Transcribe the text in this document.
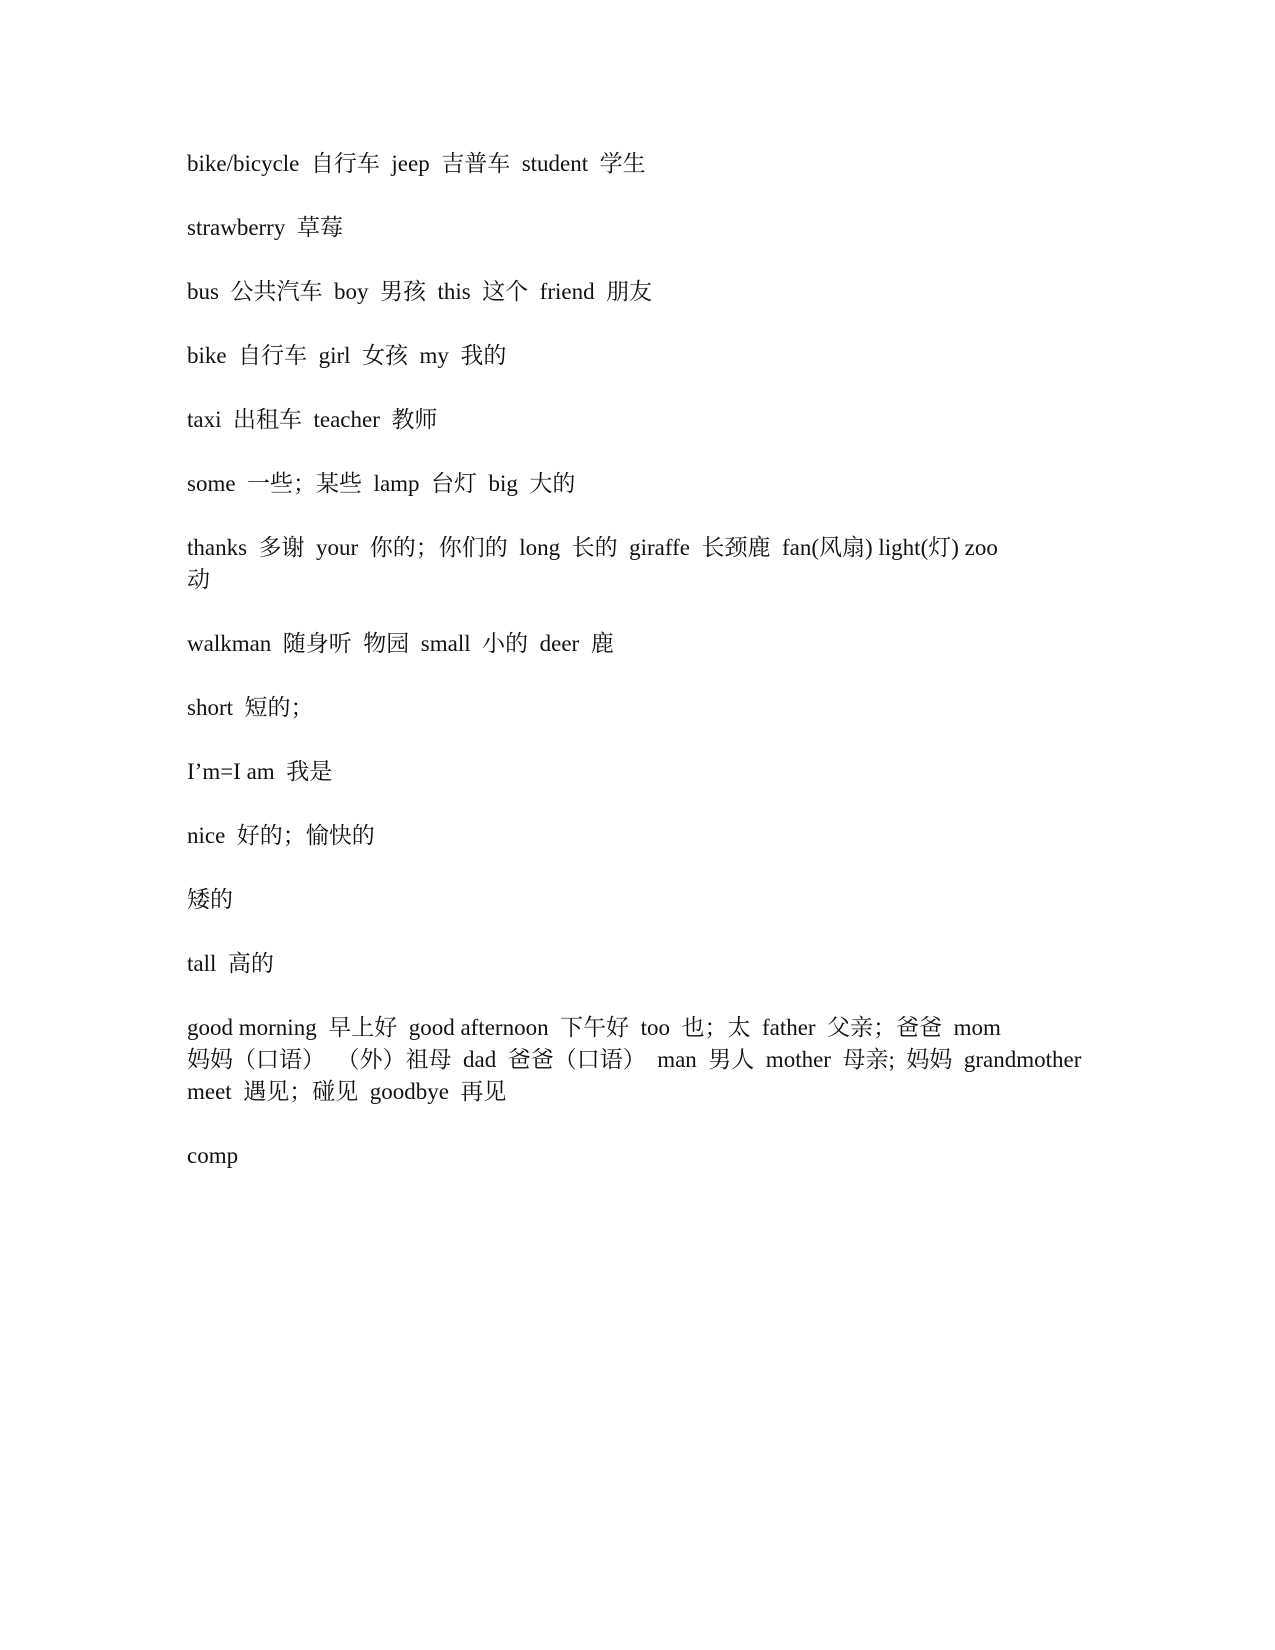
bike/bicycle  自行车  jeep  吉普车  student  学生

strawberry  草莓

bus  公共汽车  boy  男孩  this  这个  friend  朋友

bike  自行车  girl  女孩  my  我的

taxi  出租车  teacher  教师

some  一些；某些  lamp  台灯  big  大的

thanks  多谢  your  你的；你们的  long  长的  giraffe  长颈鹿  fan(风扇) light(灯) zoo
动

walkman  随身听  物园  small  小的  deer  鹿

short  短的；

I’m=I am  我是

nice  好的；愉快的

矮的

tall  高的

good morning  早上好  good afternoon  下午好  too  也；太  father  父亲；爸爸  mom
妈妈（口语）  （外）祖母  dad  爸爸（口语）  man  男人  mother  母亲;  妈妈  grandmother
meet  遇见；碰见  goodbye  再见

comp
